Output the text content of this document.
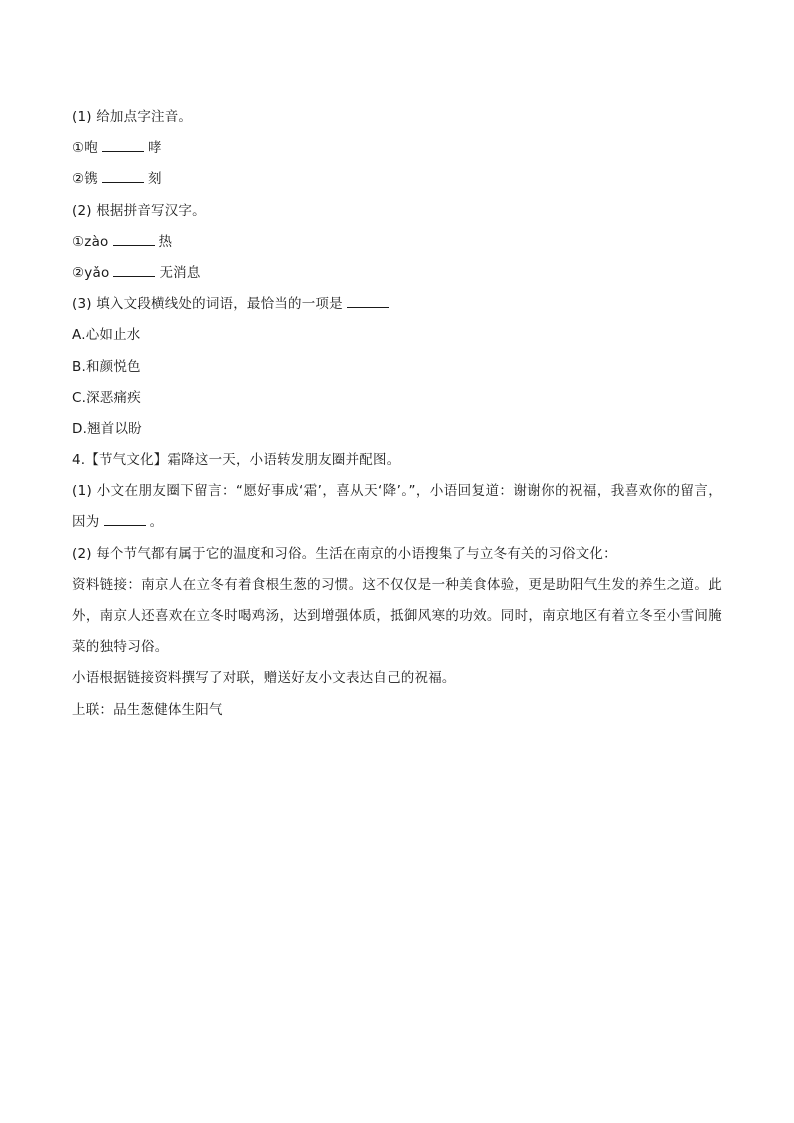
(1) 给加点字注音。
①咆	哮
②镌	刻
(2) 根据拼音写汉字。
①zào	热
②yǎo	无消息
(3) 填入文段横线处的词语，最恰当的一项是
A.心如止水
B.和颜悦色
C.深恶痛疾
D.翘首以盼
4.【节气文化】霜降这一天，小语转发朋友圈并配图。
(1) 小文在朋友圈下留言：“愿好事成‘霜’，喜从天‘降’。”，小语回复道：谢谢你的祝福，我喜欢你的留言，因为	。
(2) 每个节气都有属于它的温度和习俗。生活在南京的小语搜集了与立冬有关的习俗文化：
资料链接：南京人在立冬有着食根生葱的习惯。这不仅仅是一种美食体验，更是助阳气生发的养生之道。此外，南京人还喜欢在立冬时喝鸡汤，达到增强体质，抵御风寒的功效。同时，南京地区有着立冬至小雪间腌菜的独特习俗。
小语根据链接资料撰写了对联，赠送好友小文表达自己的祝福。
上联：品生葱健体生阳气
